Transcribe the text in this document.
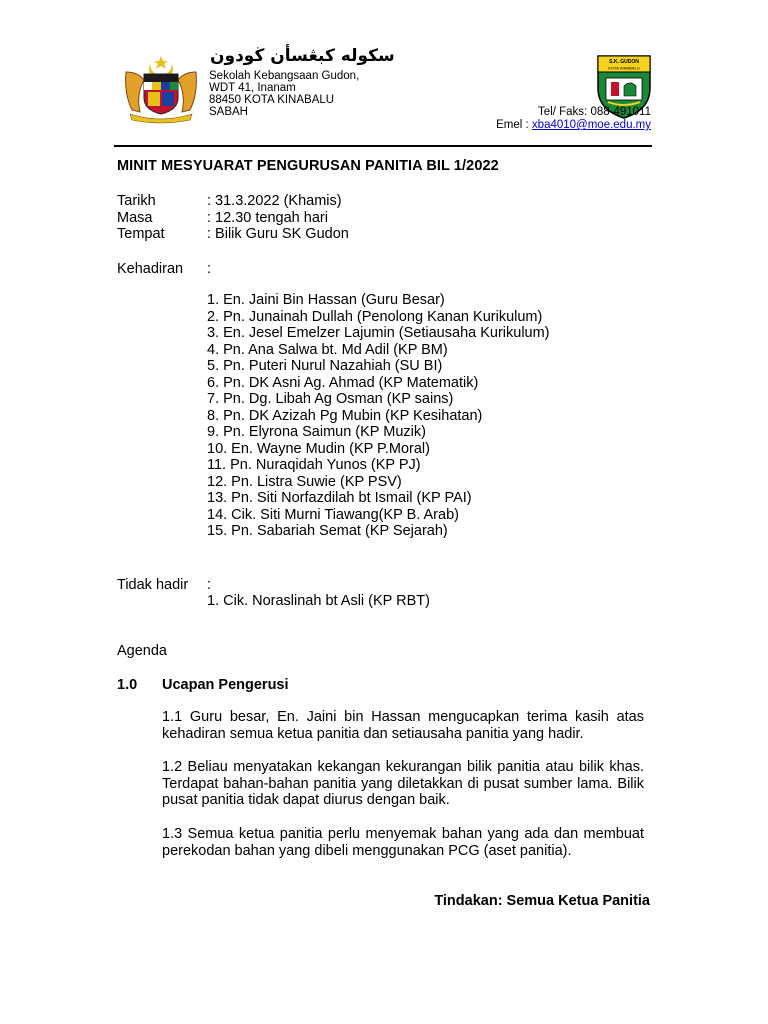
سكوله كبڠسأن ڬودون
Sekolah Kebangsaan Gudon,
WDT 41, Inanam
88450 KOTA KINABALU
SABAH
S.K. GUDON
KOTA KINABALU
Tel/ Faks: 088-491011
Emel : xba4010@moe.edu.my
MINIT MESYUARAT PENGURUSAN PANITIA BIL 1/2022
Tarikh	: 31.3.2022 (Khamis)
Masa	: 12.30 tengah hari
Tempat	: Bilik Guru SK Gudon
Kehadiran :
1. En. Jaini Bin Hassan (Guru Besar)
2. Pn. Junainah Dullah (Penolong Kanan Kurikulum)
3. En. Jesel Emelzer Lajumin (Setiausaha Kurikulum)
4. Pn. Ana Salwa bt. Md Adil (KP BM)
5. Pn. Puteri Nurul Nazahiah (SU BI)
6. Pn. DK Asni Ag. Ahmad (KP Matematik)
7. Pn. Dg. Libah Ag Osman (KP sains)
8. Pn. DK Azizah Pg Mubin (KP Kesihatan)
9. Pn. Elyrona Saimun (KP Muzik)
10. En. Wayne Mudin (KP P.Moral)
11. Pn. Nuraqidah Yunos (KP PJ)
12. Pn. Listra Suwie (KP PSV)
13. Pn. Siti Norfazdilah bt Ismail (KP PAI)
14. Cik. Siti Murni Tiawang(KP B. Arab)
15. Pn. Sabariah Semat (KP Sejarah)
Tidak hadir :
1. Cik. Noraslinah bt Asli (KP RBT)
Agenda
1.0 Ucapan Pengerusi
1.1 Guru besar, En. Jaini bin Hassan mengucapkan terima kasih atas kehadiran semua ketua panitia dan setiausaha panitia yang hadir.
1.2 Beliau menyatakan kekangan kekurangan bilik panitia atau bilik khas. Terdapat bahan-bahan panitia yang diletakkan di pusat sumber lama. Bilik pusat panitia tidak dapat diurus dengan baik.
1.3 Semua ketua panitia perlu menyemak bahan yang ada dan membuat perekodan bahan yang dibeli menggunakan PCG (aset panitia).
Tindakan: Semua Ketua Panitia
